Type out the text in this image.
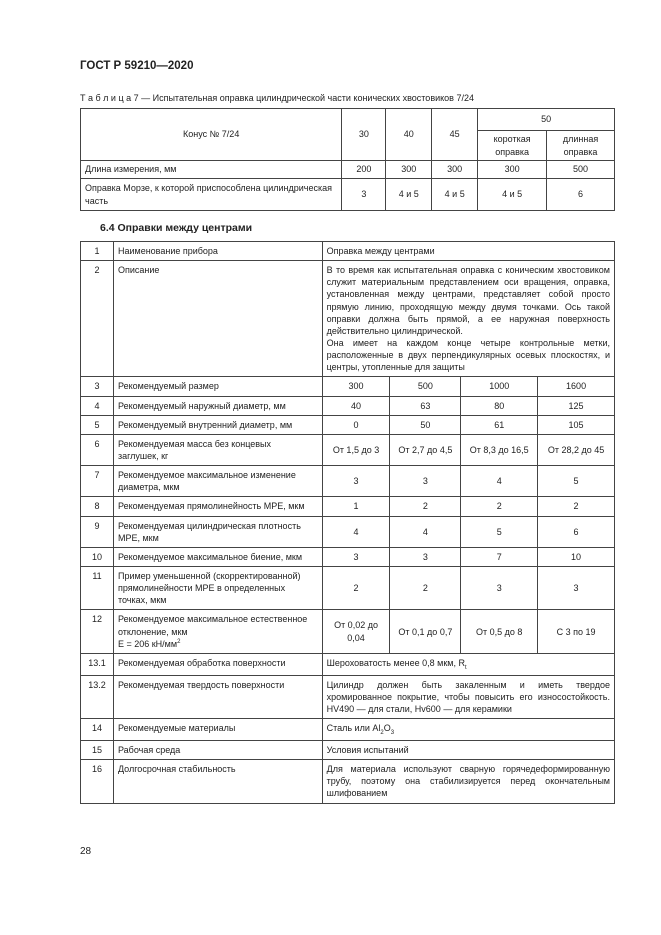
ГОСТ Р 59210—2020
Т а б л и ц а 7 — Испытательная оправка цилиндрической части конических хвостовиков 7/24
Конус № 7/24	30	40	45	50	
				короткая оправка	длинная оправка
Длина измерения, мм	200	300	300	300	500
Оправка Морзе, к которой приспособлена цилиндрическая часть	3	4 и 5	4 и 5	4 и 5	6
6.4 Оправки между центрами
1	Наименование прибора	Оправка между центрами			
2	Описание	В то время как испытательная оправка с коническим хвостовиком служит материальным представлением оси вращения, оправка, установленная между центрами, представляет собой просто прямую линию, проходящую между двумя точками. Ось такой оправки должна быть прямой, а ее наружная поверхность действительно цилиндрической.
Она имеет на каждом конце четыре контрольные метки, расположенные в двух перпендикулярных осевых плоскостях, и центры, утопленные для защиты			

3	Рекомендуемый размер	300	500	1000	1600
4	Рекомендуемый наружный диаметр, мм	40	63	80	125
5	Рекомендуемый внутренний диаметр, мм	0	50	61	105
6	Рекомендуемая масса без концевых заглушек, кг	От 1,5 до 3	От 2,7 до 4,5	От 8,3 до 16,5	От 28,2 до 45
7	Рекомендуемое максимальное изменение диаметра, мкм	3	3	4	5
8	Рекомендуемая прямолинейность MPE, мкм	1	2	2	2
9	Рекомендуемая цилиндрическая плотность MPE, мкм	4	4	5	6
10	Рекомендуемое максимальное биение, мкм	3	3	7	10
11	Пример уменьшенной (скорректированной) прямолинейности MPE в определенных точках, мкм	2	2	3	3
12	Рекомендуемое максимальное естественное отклонение, мкм
E = 206 $кН/мм^2$	От 0,02 до 0,04	От 0,1 до 0,7	От 0,5 до 8	С 3 по 19
13.1	Рекомендуемая обработка поверхности	Шероховатость менее 0,8 мкм, $R_t$
13.2	Рекомендуемая твердость поверхности	Цилиндр должен быть закаленным и иметь твердое хромированное покрытие, чтобы повысить его износостойкость. HV490 — для стали, Hv600 — для керамики			
14	Рекомендуемые материалы	Сталь или $Al_2O_3$
15	Рабочая среда	Условия испытаний			
16	Долгосрочная стабильность	Для материала используют сварную горячедеформированную трубу, поэтому она стабилизируется перед окончательным шлифованием			
28
